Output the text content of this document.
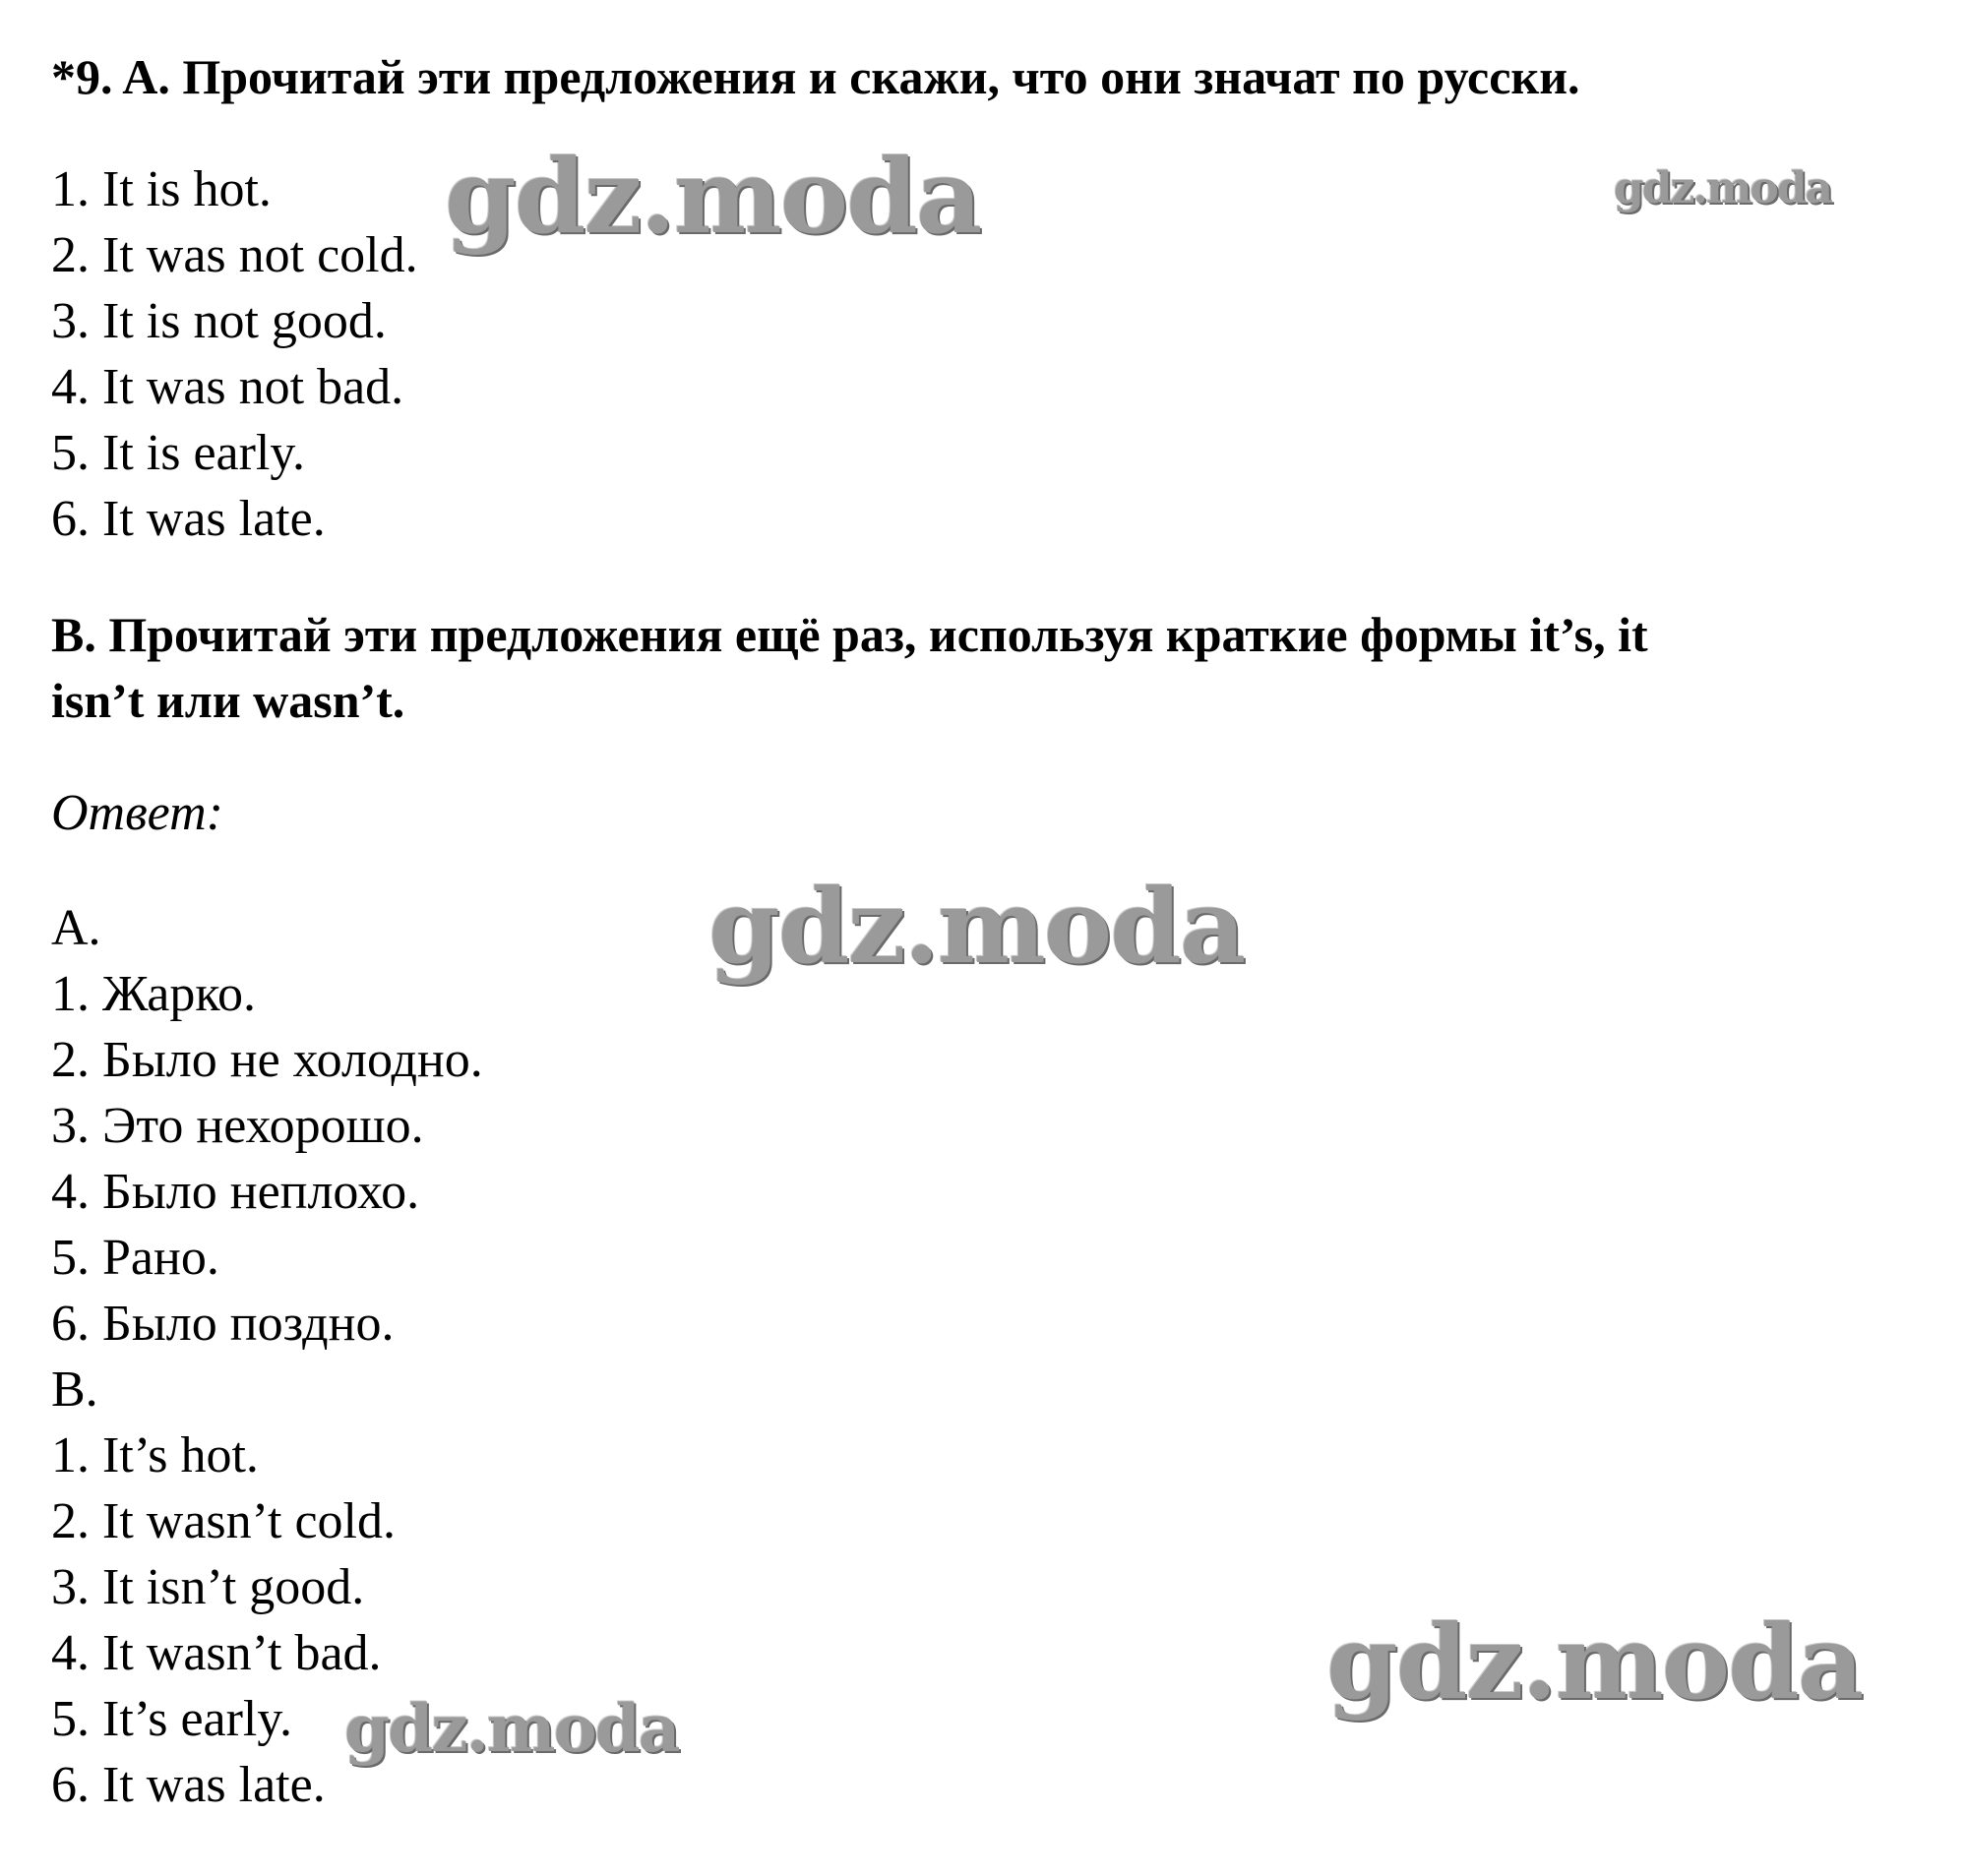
*9. A. Прочитай эти предложения и скажи, что они значат по русски.
1. It is hot.
2. It was not cold.
3. It is not good.
4. It was not bad.
5. It is early.
6. It was late.
B. Прочитай эти предложения ещё раз, используя краткие формы it’s, it
isn’t или wasn’t.
Ответ:
A.
1. Жарко.
2. Было не холодно.
3. Это нехорошо.
4. Было неплохо.
5. Рано.
6. Было поздно.
B.
1. It’s hot.
2. It wasn’t cold.
3. It isn’t good.
4. It wasn’t bad.
5. It’s early.
6. It was late.
gdz.moda	gdz.moda
gdz.moda
gdz.moda
gdz.moda
